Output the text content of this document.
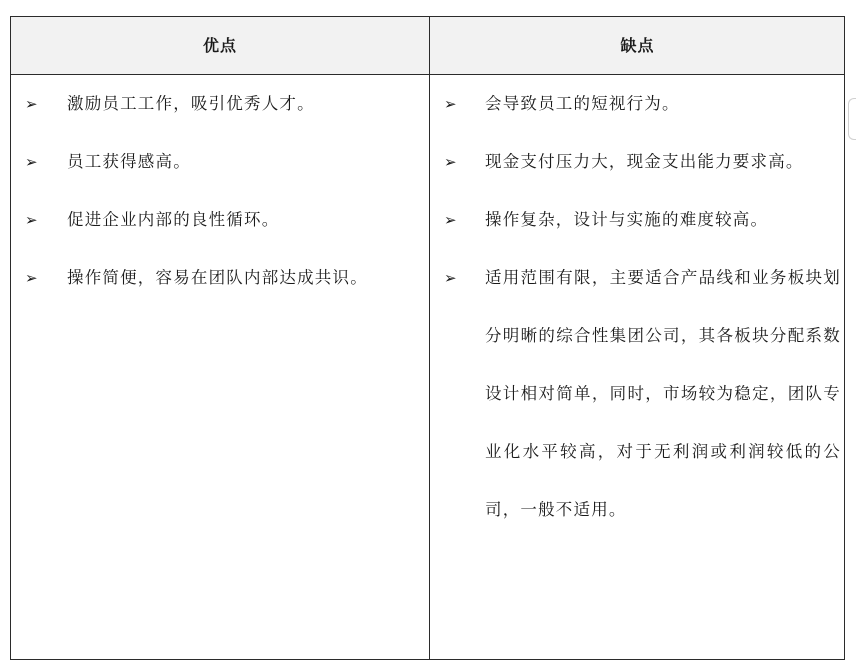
优点	缺点
➢ 激励员工工作，吸引优秀人才。
➢ 员工获得感高。
➢ 促进企业内部的良性循环。
➢ 操作简便，容易在团队内部达成共识。
➢ 会导致员工的短视行为。
➢ 现金支付压力大，现金支出能力要求高。
➢ 操作复杂，设计与实施的难度较高。
➢ 适用范围有限，主要适合产品线和业务板块划分明晰的综合性集团公司，其各板块分配系数设计相对简单，同时，市场较为稳定，团队专业化水平较高，对于无利润或利润较低的公司，一般不适用。
